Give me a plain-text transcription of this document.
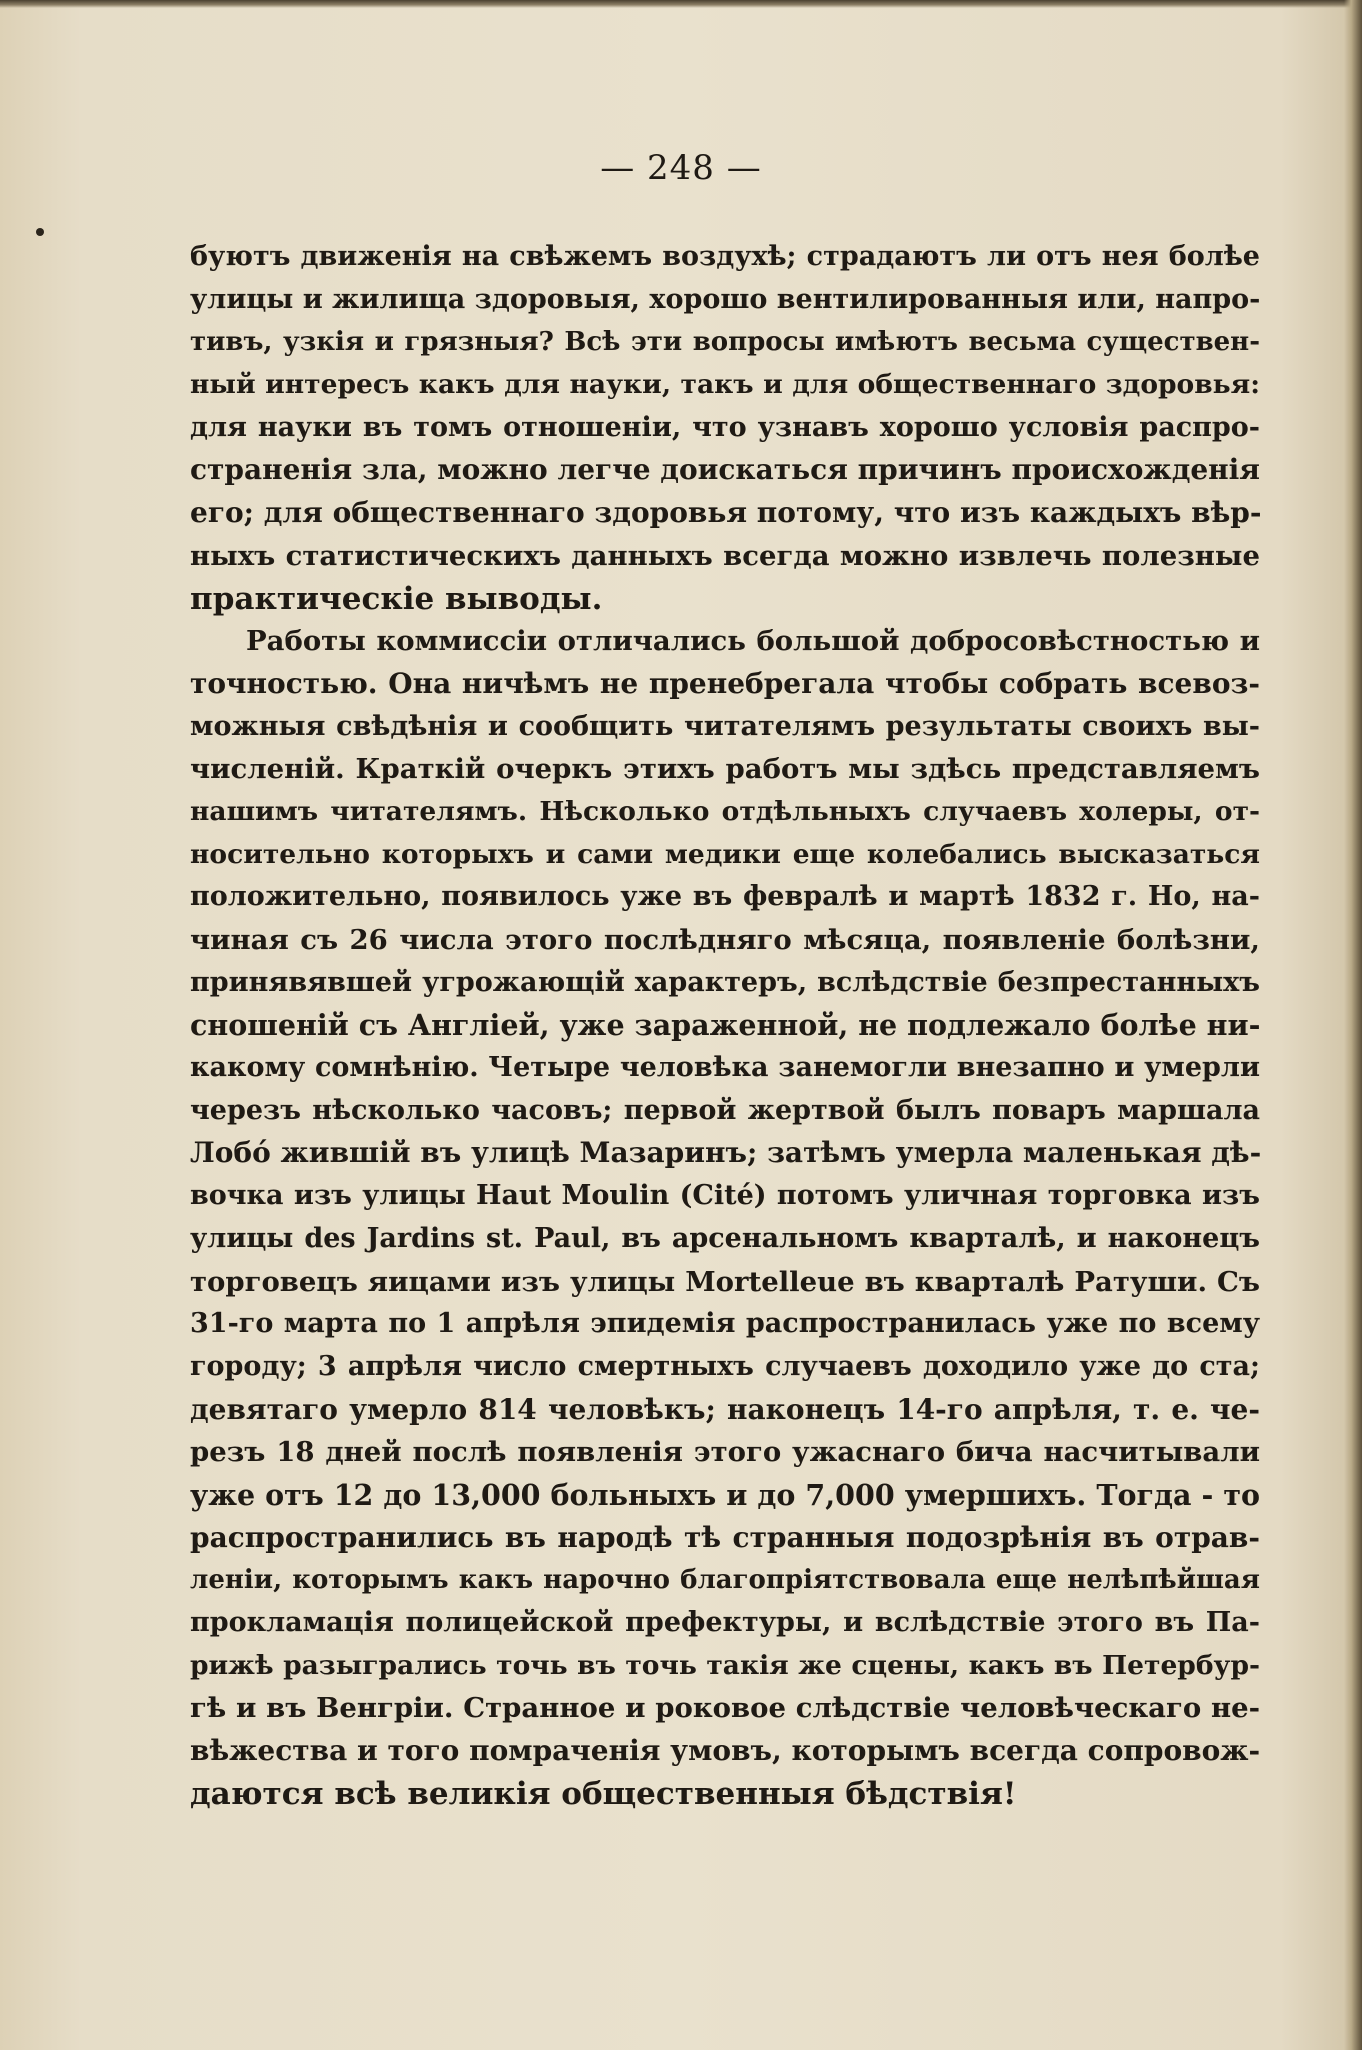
— 248 —
буютъ движенія на свѣжемъ воздухѣ; страдаютъ ли отъ нея болѣе
улицы и жилища здоровыя, хорошо вентилированныя или, напро-
тивъ, узкія и грязныя? Всѣ эти вопросы имѣютъ весьма существен-
ный интересъ какъ для науки, такъ и для общественнаго здоровья:
для науки въ томъ отношеніи, что узнавъ хорошо условія распро-
страненія зла, можно легче доискаться причинъ происхожденія
его; для общественнаго здоровья потому, что изъ каждыхъ вѣр-
ныхъ статистическихъ данныхъ всегда можно извлечь полезные
практическіе выводы.
Работы коммиссіи отличались большой добросовѣстностью и
точностью. Она ничѣмъ не пренебрегала чтобы собрать всевоз-
можныя свѣдѣнія и сообщить читателямъ результаты своихъ вы-
численій. Краткій очеркъ этихъ работъ мы здѣсь представляемъ
нашимъ читателямъ. Нѣсколько отдѣльныхъ случаевъ холеры, от-
носительно которыхъ и сами медики еще колебались высказаться
положительно, появилось уже въ февралѣ и мартѣ 1832 г. Но, на-
чиная съ 26 числа этого послѣдняго мѣсяца, появленіе болѣзни,
принявявшей угрожающій характеръ, вслѣдствіе безпрестанныхъ
сношеній съ Англіей, уже зараженной, не подлежало болѣе ни-
какому сомнѣнію. Четыре человѣка занемогли внезапно и умерли
черезъ нѣсколько часовъ; первой жертвой былъ поваръ маршала
Лобо́ жившій въ улицѣ Мазаринъ; затѣмъ умерла маленькая дѣ-
вочка изъ улицы Haut Moulin (Cité) потомъ уличная торговка изъ
улицы des Jardins st. Paul, въ арсенальномъ кварталѣ, и наконецъ
торговецъ яицами изъ улицы Mortelleue въ кварталѣ Ратуши. Съ
31-го марта по 1 апрѣля эпидемія распространилась уже по всему
городу; 3 апрѣля число смертныхъ случаевъ доходило уже до ста;
девятаго умерло 814 человѣкъ; наконецъ 14-го апрѣля, т. е. че-
резъ 18 дней послѣ появленія этого ужаснаго бича насчитывали
уже отъ 12 до 13,000 больныхъ и до 7,000 умершихъ. Тогда - то
распространились въ народѣ тѣ странныя подозрѣнія въ отрав-
леніи, которымъ какъ нарочно благопріятствовала еще нелѣпѣйшая
прокламація полицейской префектуры, и вслѣдствіе этого въ Па-
рижѣ разыгрались точь въ точь такія же сцены, какъ въ Петербур-
гѣ и въ Венгріи. Странное и роковое слѣдствіе человѣческаго не-
вѣжества и того помраченія умовъ, которымъ всегда сопровож-
даются всѣ великія общественныя бѣдствія!
